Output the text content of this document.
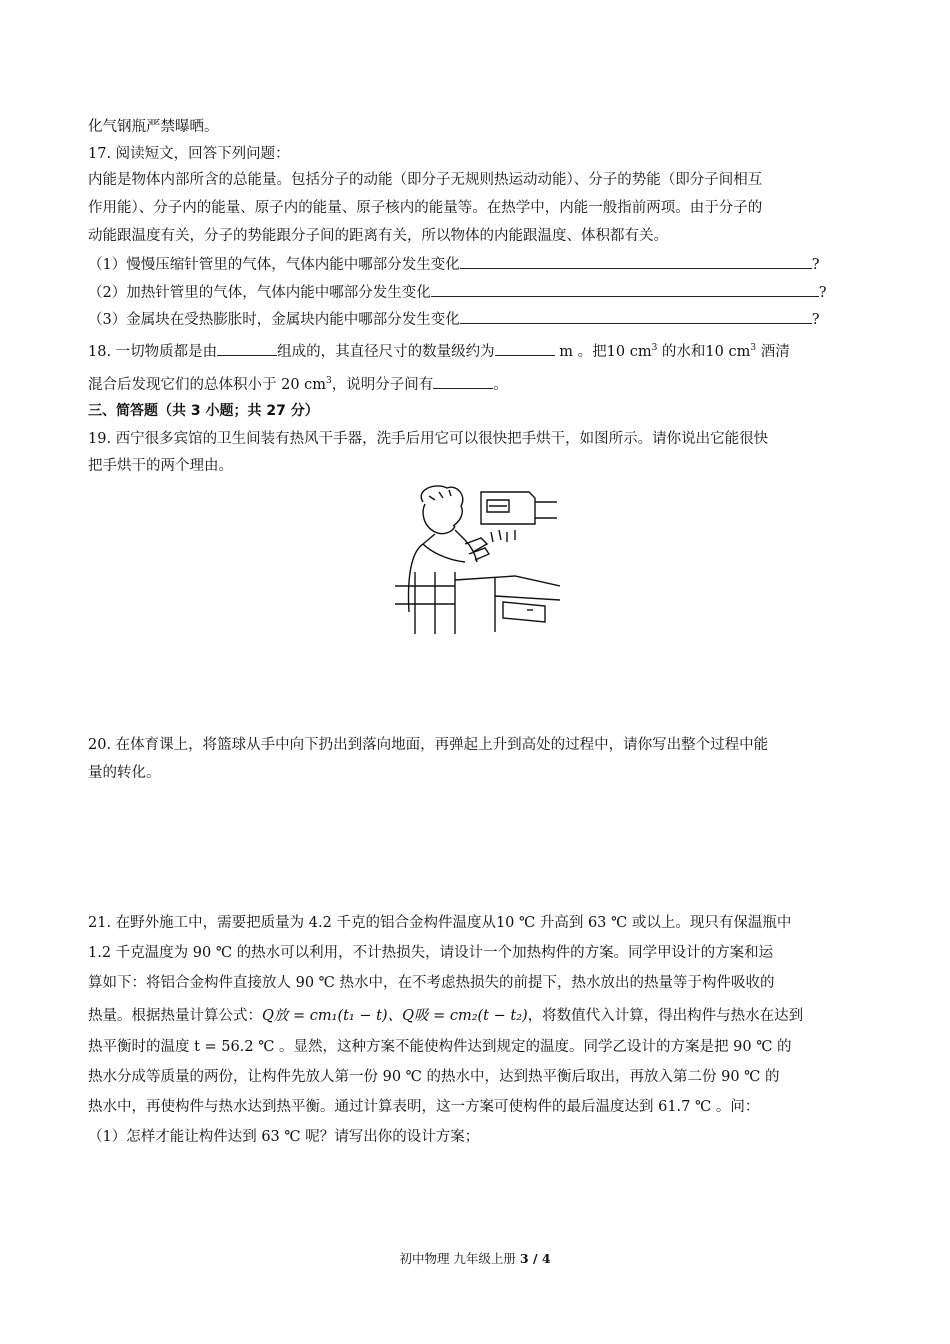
化气钢瓶严禁曝晒。
17. 阅读短文，回答下列问题：
内能是物体内部所含的总能量。包括分子的动能（即分子无规则热运动动能）、分子的势能（即分子间相互
作用能）、分子内的能量、原子内的能量、原子核内的能量等。在热学中，内能一般指前两项。由于分子的
动能跟温度有关，分子的势能跟分子间的距离有关，所以物体的内能跟温度、体积都有关。
（1）慢慢压缩针管里的气体，气体内能中哪部分发生变化	?
（2）加热针管里的气体，气体内能中哪部分发生变化	?
（3）金属块在受热膨胀时，金属块内能中哪部分发生变化	?
18. 一切物质都是由	组成的，其直径尺寸的数量级约为	m 。把10 $cm^3$ 的水和10 $cm^3$ 酒清
混合后发现它们的总体积小于 20 $cm^3$，说明分子间有	。
三、简答题（共 3 小题；共 27 分）
19. 西宁很多宾馆的卫生间装有热风干手器，洗手后用它可以很快把手烘干，如图所示。请你说出它能很快
把手烘干的两个理由。
20. 在体育课上，将篮球从手中向下扔出到落向地面，再弹起上升到高处的过程中，请你写出整个过程中能
量的转化。
21. 在野外施工中，需要把质量为 4.2 千克的铝合金构件温度从10 ℃ 升高到 63 ℃ 或以上。现只有保温瓶中
1.2 千克温度为 90 ℃ 的热水可以利用，不计热损失，请设计一个加热构件的方案。同学甲设计的方案和运
算如下：将铝合金构件直接放人 90 ℃ 热水中，在不考虑热损失的前提下，热水放出的热量等于构件吸收的
热量。根据热量计算公式：Q放 = cm₁(t₁ − t)、Q吸 = cm₂(t − t₂)，将数值代入计算，得出构件与热水在达到
热平衡时的温度 t = 56.2 ℃ 。显然，这种方案不能使构件达到规定的温度。同学乙设计的方案是把 90 ℃ 的
热水分成等质量的两份，让构件先放人第一份 90 ℃ 的热水中，达到热平衡后取出，再放入第二份 90 ℃ 的
热水中，再使构件与热水达到热平衡。通过计算表明，这一方案可使构件的最后温度达到 61.7 ℃ 。问：
（1）怎样才能让构件达到 63 ℃ 呢？请写出你的设计方案；
初中物理 九年级上册 3 / 4
